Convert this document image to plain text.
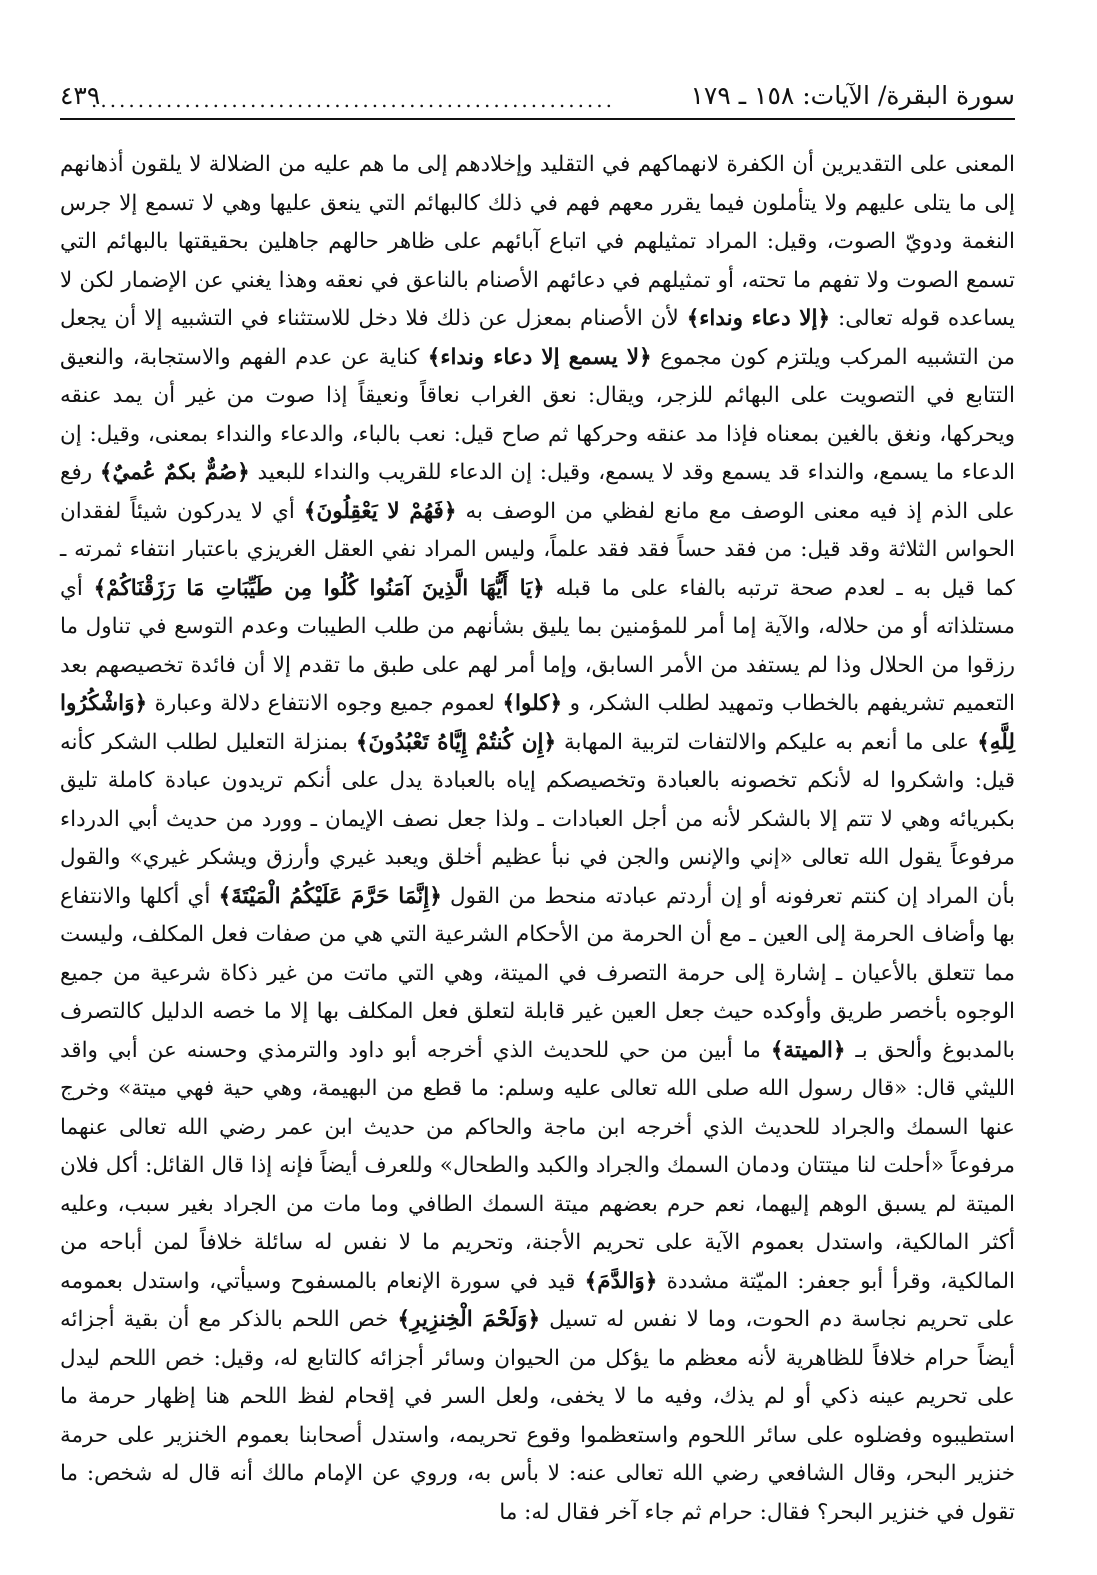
سورة البقرة/ الآيات: ١٥٨ ـ ١٧٩
........................................................
٤٣٩

المعنى على التقديرين أن الكفرة لانهماكهم في التقليد وإخلادهم إلى ما هم عليه من الضلالة لا يلقون أذهانهم إلى ما يتلى عليهم ولا يتأملون فيما يقرر معهم فهم في ذلك كالبهائم التي ينعق عليها وهي لا تسمع إلا جرس النغمة ودويّ الصوت، وقيل: المراد تمثيلهم في اتباع آبائهم على ظاهر حالهم جاهلين بحقيقتها بالبهائم التي تسمع الصوت ولا تفهم ما تحته، أو تمثيلهم في دعائهم الأصنام بالناعق في نعقه وهذا يغني عن الإضمار لكن لا يساعده قوله تعالى: ﴿إلا دعاء ونداء﴾ لأن الأصنام بمعزل عن ذلك فلا دخل للاستثناء في التشبيه إلا أن يجعل من التشبيه المركب ويلتزم كون مجموع ﴿لا يسمع إلا دعاء ونداء﴾ كناية عن عدم الفهم والاستجابة، والنعيق التتابع في التصويت على البهائم للزجر، ويقال: نعق الغراب نعاقاً ونعيقاً إذا صوت من غير أن يمد عنقه ويحركها، ونغق بالغين بمعناه فإذا مد عنقه وحركها ثم صاح قيل: نعب بالباء، والدعاء والنداء بمعنى، وقيل: إن الدعاء ما يسمع، والنداء قد يسمع وقد لا يسمع، وقيل: إن الدعاء للقريب والنداء للبعيد ﴿صُمٌّ بكمٌ عُميٌ﴾ رفع على الذم إذ فيه معنى الوصف مع مانع لفظي من الوصف به ﴿فَهُمْ لا يَعْقِلُونَ﴾ أي لا يدركون شيئاً لفقدان الحواس الثلاثة وقد قيل: من فقد حساً فقد فقد علماً، وليس المراد نفي العقل الغريزي باعتبار انتفاء ثمرته ـ كما قيل به ـ لعدم صحة ترتبه بالفاء على ما قبله ﴿يَا أَيُّهَا الَّذِينَ آمَنُوا كُلُوا مِن طَيِّبَاتِ مَا رَزَقْنَاكُمْ﴾ أي مستلذاته أو من حلاله، والآية إما أمر للمؤمنين بما يليق بشأنهم من طلب الطيبات وعدم التوسع في تناول ما رزقوا من الحلال وذا لم يستفد من الأمر السابق، وإما أمر لهم على طبق ما تقدم إلا أن فائدة تخصيصهم بعد التعميم تشريفهم بالخطاب وتمهيد لطلب الشكر، و ﴿كلوا﴾ لعموم جميع وجوه الانتفاع دلالة وعبارة ﴿وَاشْكُرُوا لِلَّهِ﴾ على ما أنعم به عليكم والالتفات لتربية المهابة ﴿إِن كُنتُمْ إِيَّاهُ تَعْبُدُونَ﴾ بمنزلة التعليل لطلب الشكر كأنه قيل: واشكروا له لأنكم تخصونه بالعبادة وتخصيصكم إياه بالعبادة يدل على أنكم تريدون عبادة كاملة تليق بكبريائه وهي لا تتم إلا بالشكر لأنه من أجل العبادات ـ ولذا جعل نصف الإيمان ـ وورد من حديث أبي الدرداء مرفوعاً يقول الله تعالى «إني والإنس والجن في نبأ عظيم أخلق ويعبد غيري وأرزق ويشكر غيري» والقول بأن المراد إن كنتم تعرفونه أو إن أردتم عبادته منحط من القول ﴿إِنَّمَا حَرَّمَ عَلَيْكُمُ الْمَيْتَةَ﴾ أي أكلها والانتفاع بها وأضاف الحرمة إلى العين ـ مع أن الحرمة من الأحكام الشرعية التي هي من صفات فعل المكلف، وليست مما تتعلق بالأعيان ـ إشارة إلى حرمة التصرف في الميتة، وهي التي ماتت من غير ذكاة شرعية من جميع الوجوه بأخصر طريق وأوكده حيث جعل العين غير قابلة لتعلق فعل المكلف بها إلا ما خصه الدليل كالتصرف بالمدبوغ وألحق بـ ﴿الميتة﴾ ما أبين من حي للحديث الذي أخرجه أبو داود والترمذي وحسنه عن أبي واقد الليثي قال: «قال رسول الله صلى الله تعالى عليه وسلم: ما قطع من البهيمة، وهي حية فهي ميتة» وخرج عنها السمك والجراد للحديث الذي أخرجه ابن ماجة والحاكم من حديث ابن عمر رضي الله تعالى عنهما مرفوعاً «أحلت لنا ميتتان ودمان السمك والجراد والكبد والطحال» وللعرف أيضاً فإنه إذا قال القائل: أكل فلان الميتة لم يسبق الوهم إليهما، نعم حرم بعضهم ميتة السمك الطافي وما مات من الجراد بغير سبب، وعليه أكثر المالكية، واستدل بعموم الآية على تحريم الأجنة، وتحريم ما لا نفس له سائلة خلافاً لمن أباحه من المالكية، وقرأ أبو جعفر: الميّتة مشددة ﴿وَالدَّمَ﴾ قيد في سورة الإنعام بالمسفوح وسيأتي، واستدل بعمومه على تحريم نجاسة دم الحوت، وما لا نفس له تسيل ﴿وَلَحْمَ الْخِنزِيرِ﴾ خص اللحم بالذكر مع أن بقية أجزائه أيضاً حرام خلافاً للظاهرية لأنه معظم ما يؤكل من الحيوان وسائر أجزائه كالتابع له، وقيل: خص اللحم ليدل على تحريم عينه ذكي أو لم يذك، وفيه ما لا يخفى، ولعل السر في إقحام لفظ اللحم هنا إظهار حرمة ما استطيبوه وفضلوه على سائر اللحوم واستعظموا وقوع تحريمه، واستدل أصحابنا بعموم الخنزير على حرمة خنزير البحر، وقال الشافعي رضي الله تعالى عنه: لا بأس به، وروي عن الإمام مالك أنه قال له شخص: ما تقول في خنزير البحر؟ فقال: حرام ثم جاء آخر فقال له: ما
